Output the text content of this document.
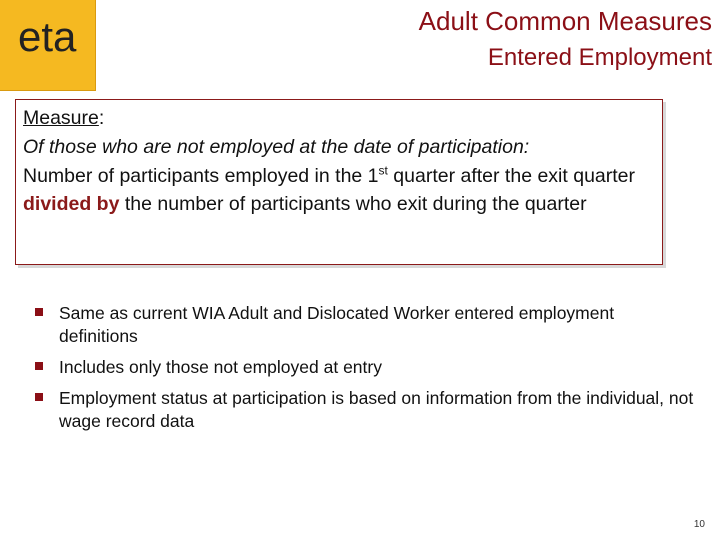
eta	Adult Common Measures
Entered Employment
Measure:
Of those who are not employed at the date of participation:
Number of participants employed in the 1st quarter after the exit quarter divided by the number of participants who exit during the quarter
Same as current WIA Adult and Dislocated Worker entered employment definitions
Includes only those not employed at entry
Employment status at participation is based on information from the individual, not wage record data
10
